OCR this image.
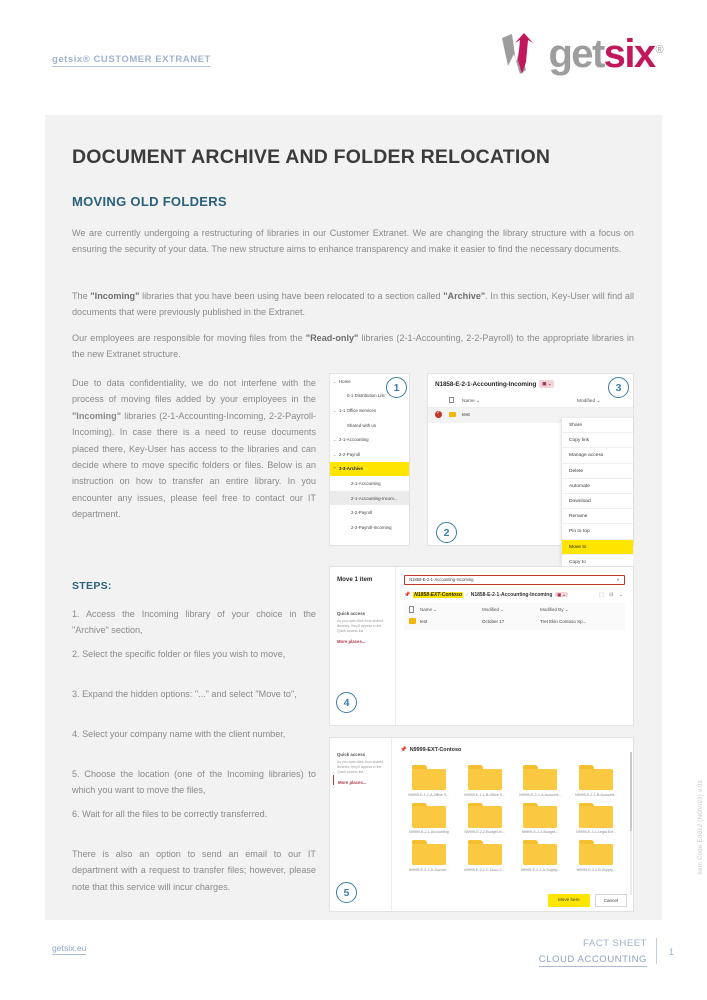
getsix® CUSTOMER EXTRANET	getsix®
DOCUMENT ARCHIVE AND FOLDER RELOCATION
MOVING OLD FOLDERS
We are currently undergoing a restructuring of libraries in our Customer Extranet. We are changing the library structure with a focus on ensuring the security of your data. The new structure aims to enhance transparency and make it easier to find the necessary documents.
The "Incoming" libraries that you have been using have been relocated to a section called "Archive". In this section, Key-User will find all documents that were previously published in the Extranet.
Our employees are responsible for moving files from the "Read-only" libraries (2-1-Accounting, 2-2-Payroll) to the appropriate libraries in the new Extranet structure.
Due to data confidentiality, we do not interfene with the process of moving files added by your employees in the "Incoming" libraries (2-1-Accounting-Incoming, 2-2-Payroll-Incoming). In case there is a need to reuse documents placed there, Key-User has access to the libraries and can decide where to move specific folders or files. Below is an instruction on how to transfer an entire library. In you encounter any issues, please feel free to contact our IT department.
STEPS:
1. Access the Incoming library of your choice in the "Archive" section,
2. Select the specific folder or files you wish to move,
3. Expand the hidden options: "..." and select "Move to",
4. Select your company name with the client number,
5. Choose the location (one of the Incoming libraries) to which you want to move the files,
6. Wait for all the files to be correctly transferred.
There is also an option to send an email to our IT department with a request to transfer files; however, please note that this service will incur charges.
⌄ Home
0-1 Distribution List
⌄ 1-1 Office Services
Shared with us
⌄ 2-1-Accounting
⌄ 2-2-Payroll
⌃ 3-3-Archive
2-1-Accounting
2-1-Accounting-Incom...
2-2-Payroll
2-2-Payroll-Incoming
1	N1858-E-2-1-Accounting-Incoming ▣ ⌄
Name ⌄	Modified ⌄
✓
test
Share
Copy link
Manage access
Delete
Automate
Download
Rename
Pin to top
Move to
Copy to
2
3
Move 1 item
Quick access
As you open files from shared libraries, they'll appear in the Quick access list.
More places...
N1858-E-2-1-Accounting-Incoming	✕
📌 N1858-EXT-Contoso › N1858-E-2-1-Accounting-Incoming	▣ ⌄	⬚ ⊟ ⌄
Name ⌄	Modified ⌄	Modified By ⌄
test	October 17	Tret Ekin Contoso Sp...
4
Quick access
As you open files from shared libraries, they'll appear in the Quick access list.
More places...
📌 N9999-EXT-Contoso
N9999-E-1-1-A-Office S...	N9999-E-1-1-B-Office S...	N9999-E-2-1-A-Accounti...	N9999-E-2-1-B-Accounti...
N9999-E-2-1-Accounting	N9999-E-2-2-Budget-In...	N9999-E-2-2-Budget-...	N9999-E-3-1-Legal-Ext...
N9999-E-2-1-D-Docum...	N9999-E-2-1-C-Docu-C...	N9999-E-2-2-A-Supply...	N9999-E-2-2-B-Supply...
Move here	Cancel
5
getsix.eu	FACT SHEET
CLOUD ACCOUNTING
1
Item Code E0012 (NOV/23) v.01
